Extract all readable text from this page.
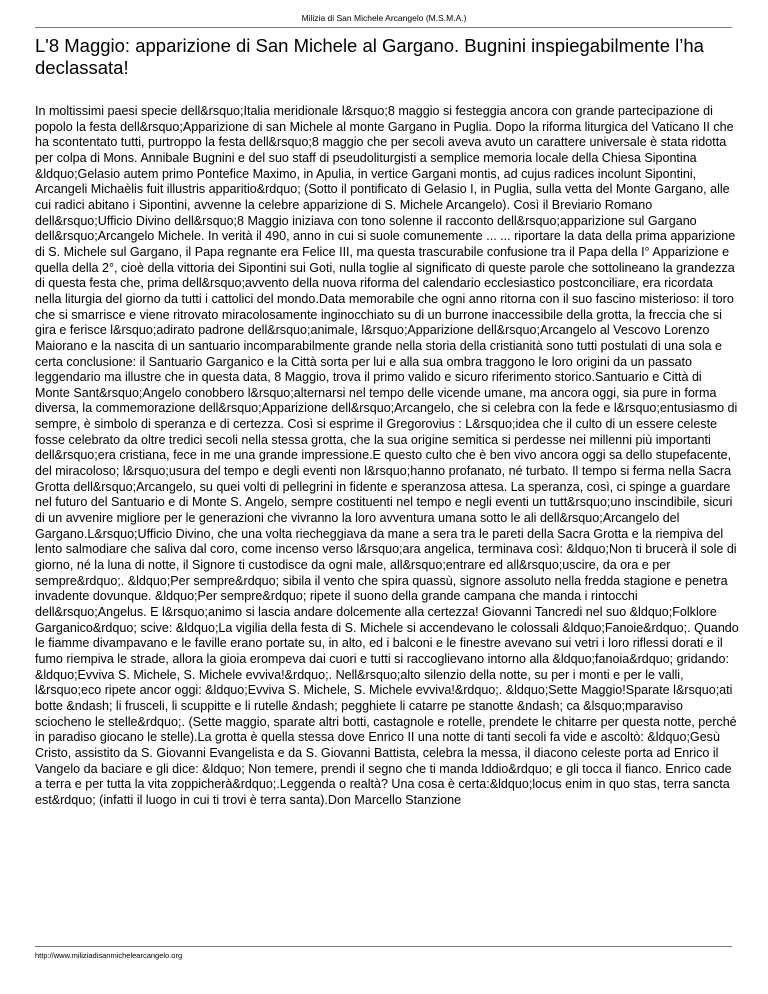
Milizia di San Michele Arcangelo (M.S.M.A.)
L'8 Maggio: apparizione di San Michele al Gargano. Bugnini inspiegabilmente l’ha declassata!

In moltissimi paesi specie dell&rsquo;Italia meridionale l&rsquo;8 maggio si festeggia ancora con grande partecipazione di popolo la festa dell&rsquo;Apparizione di san Michele al monte Gargano in Puglia. Dopo la riforma liturgica del Vaticano II che ha scontentato tutti, purtroppo la festa dell&rsquo;8 maggio che per secoli aveva avuto un carattere universale è stata ridotta per colpa di Mons. Annibale Bugnini e del suo staff di pseudoliturgisti a semplice memoria locale della Chiesa Sipontina &ldquo;Gelasio autem primo Pontefice Maximo, in Apulia, in vertice Gargani montis, ad cujus radices incolunt Sipontini, Arcangeli Michaèlis fuit illustris apparitio&rdquo; (Sotto il pontificato di Gelasio I, in Puglia, sulla vetta del Monte Gargano, alle cui radici abitano i Sipontini, avvenne la celebre apparizione di S. Michele Arcangelo). Così il Breviario Romano dell&rsquo;Ufficio Divino dell&rsquo;8 Maggio iniziava con tono solenne il racconto dell&rsquo;apparizione sul Gargano dell&rsquo;Arcangelo Michele. In verità il 490, anno in cui si suole comunemente ... ... riportare la data della prima apparizione di S. Michele sul Gargano, il Papa regnante era Felice III, ma questa trascurabile confusione tra il Papa della I° Apparizione e quella della 2°, cioè della vittoria dei Sipontini sui Goti, nulla toglie al significato di queste parole che sottolineano la grandezza di questa festa che, prima dell&rsquo;avvento della nuova riforma del calendario ecclesiastico postconciliare, era ricordata nella liturgia del giorno da tutti i cattolici del mondo.Data memorabile che ogni anno ritorna con il suo fascino misterioso: il toro che si smarrisce e viene ritrovato miracolosamente inginocchiato su di un burrone inaccessibile della grotta, la freccia che si gira e ferisce l&rsquo;adirato padrone dell&rsquo;animale, l&rsquo;Apparizione dell&rsquo;Arcangelo al Vescovo Lorenzo Maiorano e la nascita di un santuario incomparabilmente grande nella storia della cristianità sono tutti postulati di una sola e certa conclusione: il Santuario Garganico e la Città sorta per lui e alla sua ombra traggono le loro origini da un passato leggendario ma illustre che in questa data, 8 Maggio, trova il primo valido e sicuro riferimento storico.Santuario e Città di Monte Sant&rsquo;Angelo conobbero l&rsquo;alternarsi nel tempo delle vicende umane, ma ancora oggi, sia pure in forma diversa, la commemorazione dell&rsquo;Apparizione dell&rsquo;Arcangelo, che si celebra con la fede e l&rsquo;entusiasmo di sempre, è simbolo di speranza e di certezza. Così si esprime il Gregorovius : L&rsquo;idea che il culto di un essere celeste fosse celebrato da oltre tredici secoli nella stessa grotta, che la sua origine semitica si perdesse nei millenni più importanti dell&rsquo;era cristiana, fece in me una grande impressione.E questo culto che è ben vivo ancora oggi sa dello stupefacente, del miracoloso; l&rsquo;usura del tempo e degli eventi non l&rsquo;hanno profanato, né turbato. Il tempo si ferma nella Sacra Grotta dell&rsquo;Arcangelo, su quei volti di pellegrini in fidente e speranzosa attesa. La speranza, così, ci spinge a guardare nel futuro del Santuario e di Monte S. Angelo, sempre costituenti nel tempo e negli eventi un tutt&rsquo;uno inscindibile, sicuri di un avvenire migliore per le generazioni che vivranno la loro avventura umana sotto le ali dell&rsquo;Arcangelo del Gargano.L&rsquo;Ufficio Divino, che una volta riecheggiava da mane a sera tra le pareti della Sacra Grotta e la riempiva del lento salmodiare che saliva dal coro, come incenso verso l&rsquo;ara angelica, terminava così: &ldquo;Non ti brucerà il sole di giorno, né la luna di notte, il Signore ti custodisce da ogni male, all&rsquo;entrare ed all&rsquo;uscire, da ora e per sempre&rdquo;. &ldquo;Per sempre&rdquo; sibila il vento che spira quassù, signore assoluto nella fredda stagione e penetra invadente dovunque. &ldquo;Per sempre&rdquo; ripete il suono della grande campana che manda i rintocchi dell&rsquo;Angelus. E l&rsquo;animo si lascia andare dolcemente alla certezza! Giovanni Tancredi nel suo &ldquo;Folklore Garganico&rdquo; scive: &ldquo;La vigilia della festa di S. Michele si accendevano le colossali &ldquo;Fanoie&rdquo;. Quando le fiamme divampavano e le faville erano portate su, in alto, ed i balconi e le finestre avevano sui vetri i loro riflessi dorati e il fumo riempiva le strade, allora la gioia erompeva dai cuori e tutti si raccoglievano intorno alla &ldquo;fanoia&rdquo; gridando: &ldquo;Evviva S. Michele, S. Michele evviva!&rdquo;. Nell&rsquo;alto silenzio della notte, su per i monti e per le valli, l&rsquo;eco ripete ancor oggi: &ldquo;Evviva S. Michele, S. Michele evviva!&rdquo;. &ldquo;Sette Maggio!Sparate l&rsquo;ati botte &ndash; li frusceli, li scuppitte e li rutelle &ndash; pegghiete li catarre pe stanotte &ndash; ca &lsquo;mparaviso sciocheno le stelle&rdquo;. (Sette maggio, sparate altri botti, castagnole e rotelle, prendete le chitarre per questa notte, perché in paradiso giocano le stelle).La grotta è quella stessa dove Enrico II una notte di tanti secoli fa vide e ascoltò: &ldquo;Gesù Cristo, assistito da S. Giovanni Evangelista e da S. Giovanni Battista, celebra la messa, il diacono celeste porta ad Enrico il Vangelo da baciare e gli dice: &ldquo; Non temere, prendi il segno che ti manda Iddio&rdquo; e gli tocca il fianco. Enrico cade a terra e per tutta la vita zoppicherà&rdquo;.Leggenda o realtà? Una cosa è certa:&ldquo;locus enim in quo stas, terra sancta est&rdquo; (infatti il luogo in cui ti trovi è terra santa).Don Marcello Stanzione

http://www.miliziadisanmichelearcangelo.org
